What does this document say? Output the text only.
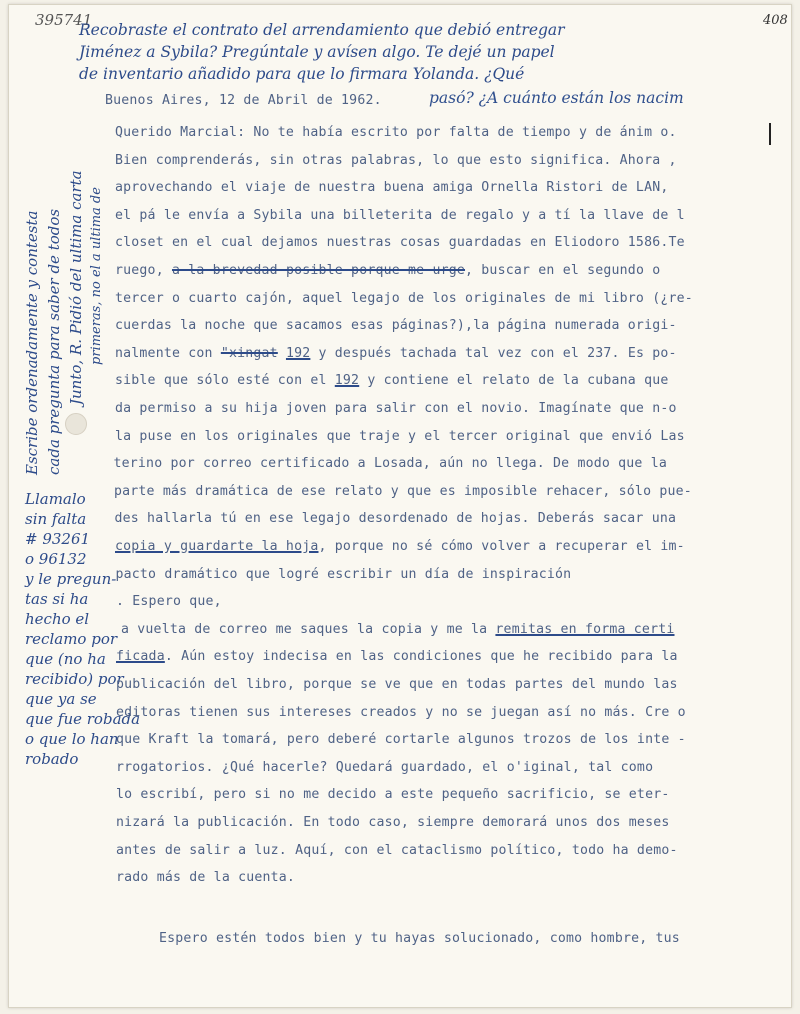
395741	408
Recobraste el contrato del arrendamiento que debió entregar
Jiménez a Sybila? Pregúntale y avísen algo. Te dejé un papel
de inventario añadido para que lo firmara Yolanda. ¿Qué
pasó? ¿A cuánto están los nacim
Escribe ordenadamente y contesta cada pregunta para saber de todos Junto, R. Pidió del ultima carta primeras, no el a ultima de
Llamalo
sin falta
# 93261
o 96132
y le pregun-
tas si ha
hecho el
reclamo por
que (no ha
recibido) por
que ya se
que fue robada
o que lo han
robado
Buenos Aires, 12 de Abril de 1962.
Querido Marcial: No te había escrito por falta de tiempo y de ánim o.
Bien comprenderás, sin otras palabras, lo que esto significa. Ahora ,
aprovechando el viaje de nuestra buena amiga Ornella Ristori de LAN,
el pá le envía a Sybila una billeterita de regalo y a tí la llave de l
closet en el cual dejamos nuestras cosas guardadas en Eliodoro 1586.Te
ruego, a la brevedad posible porque me urge, buscar en el segundo o
tercer o cuarto cajón, aquel legajo de los originales de mi libro (¿re-
cuerdas la noche que sacamos esas páginas?),la página numerada origi-
nalmente con "xingat 192 y después tachada tal vez con el 237. Es po-
sible que sólo esté con el 192 y contiene el relato de la cubana que
da permiso a su hija joven para salir con el novio. Imagínate que n-o
la puse en los originales que traje y el tercer original que envió Las
terino por correo certificado a Losada, aún no llega. De modo que la
parte más dramática de ese relato y que es imposible rehacer, sólo pue-
des hallarla tú en ese legajo desordenado de hojas. Deberás sacar una
copia y guardarte la hoja, porque no sé cómo volver a recuperar el im-
pacto dramático que logré escribir un día de inspiración
. Espero que,
a vuelta de correo me saques la copia y me la remitas en forma certi
ficada. Aún estoy indecisa en las condiciones que he recibido para la
publicación del libro, porque se ve que en todas partes del mundo las
editoras tienen sus intereses creados y no se juegan así no más. Cre o
que Kraft la tomará, pero deberé cortarle algunos trozos de los inte -
rrogatorios. ¿Qué hacerle? Quedará guardado, el o'iginal, tal como
lo escribí, pero si no me decido a este pequeño sacrificio, se eter-
nizará la publicación. En todo caso, siempre demorará unos dos meses
antes de salir a luz. Aquí, con el cataclismo político, todo ha demo-
rado más de la cuenta.
Espero estén todos bien y tu hayas solucionado, como hombre, tus
